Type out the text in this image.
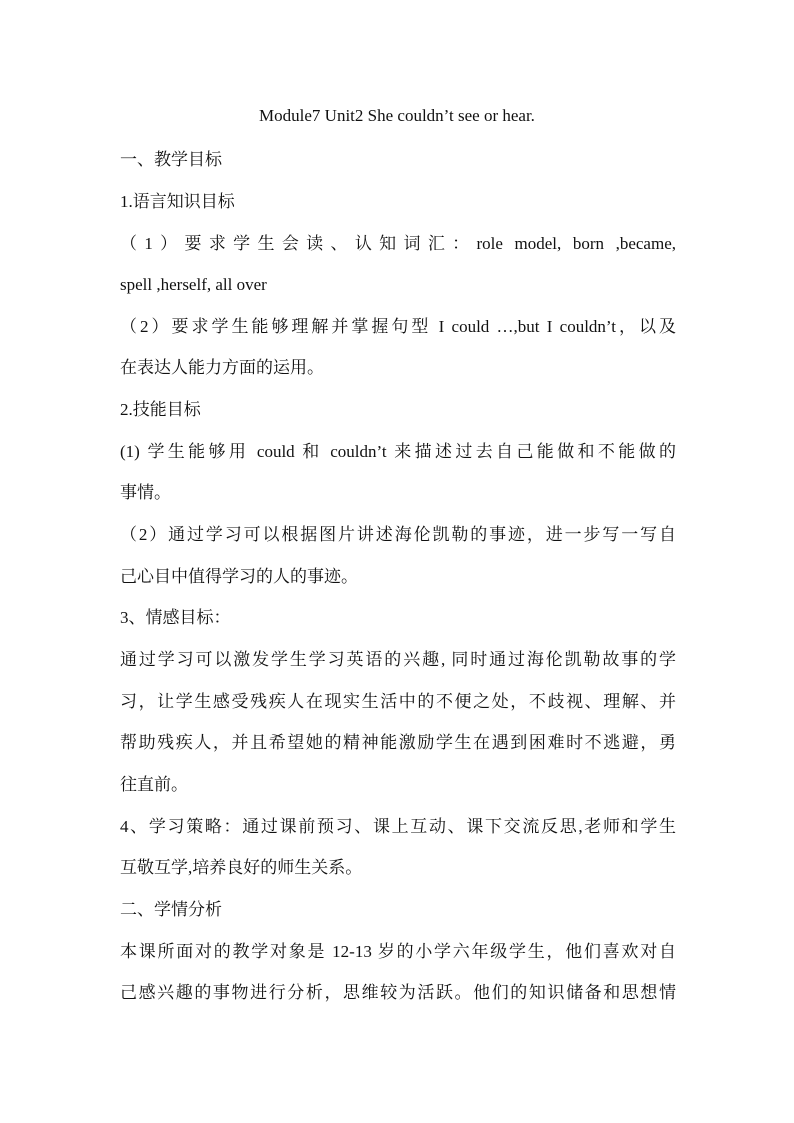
Module7 Unit2 She couldn’t see or hear.
一、教学目标
1.语言知识目标
（1）要求学生会读、认知词汇：role model, born ,became,
spell ,herself, all over
（2）要求学生能够理解并掌握句型 I could …,but I couldn’t，以及
在表达人能力方面的运用。
2.技能目标
(1) 学生能够用 could 和 couldn’t 来描述过去自己能做和不能做的
事情。
（2）通过学习可以根据图片讲述海伦凯勒的事迹，进一步写一写自
己心目中值得学习的人的事迹。
3、情感目标：
通过学习可以激发学生学习英语的兴趣, 同时通过海伦凯勒故事的学
习，让学生感受残疾人在现实生活中的不便之处，不歧视、理解、并
帮助残疾人，并且希望她的精神能激励学生在遇到困难时不逃避，勇
往直前。
4、学习策略：通过课前预习、课上互动、课下交流反思,老师和学生
互敬互学,培养良好的师生关系。
二、学情分析
本课所面对的教学对象是 12-13 岁的小学六年级学生，他们喜欢对自
己感兴趣的事物进行分析，思维较为活跃。他们的知识储备和思想情
